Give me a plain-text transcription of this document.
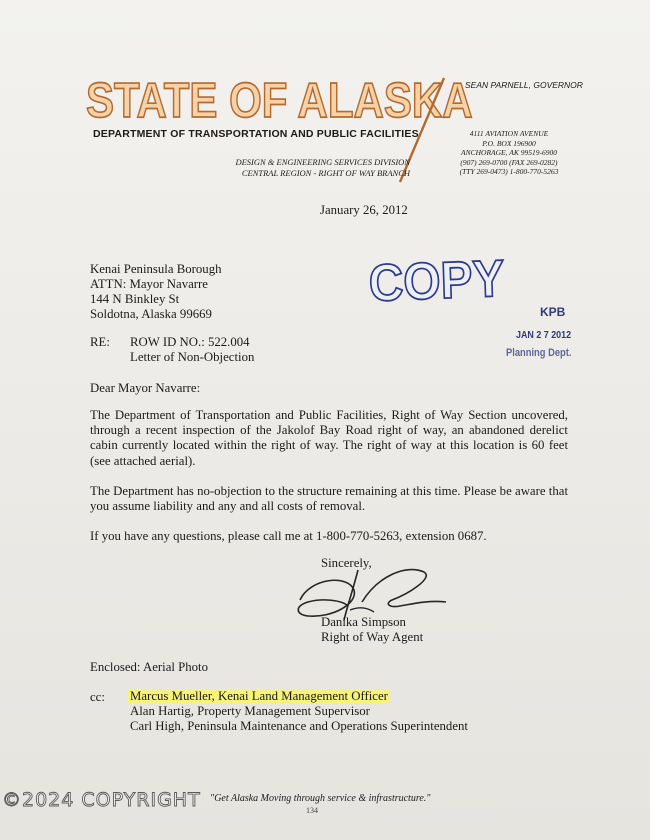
STATE OF ALASKA
SEAN PARNELL, GOVERNOR
DEPARTMENT OF TRANSPORTATION AND PUBLIC FACILITIES
DESIGN & ENGINEERING SERVICES DIVISION
CENTRAL REGION - RIGHT OF WAY BRANCH
4111 AVIATION AVENUE
P.O. BOX 196900
ANCHORAGE, AK 99519-6900
(907) 269-0700 (FAX 269-0282)
(TTY 269-0473) 1-800-770-5263
January 26, 2012
Kenai Peninsula Borough
ATTN: Mayor Navarre
144 N Binkley St
Soldotna, Alaska 99669
COPY	KPB
JAN 2 7 2012
Planning Dept.
RE: ROW ID NO.: 522.004
Letter of Non-Objection
Dear Mayor Navarre:
The Department of Transportation and Public Facilities, Right of Way Section uncovered, through a recent inspection of the Jakolof Bay Road right of way, an abandoned derelict cabin currently located within the right of way. The right of way at this location is 60 feet (see attached aerial).
The Department has no-objection to the structure remaining at this time. Please be aware that you assume liability and any and all costs of removal.
If you have any questions, please call me at 1-800-770-5263, extension 0687.
Sincerely,
Danika Simpson
Right of Way Agent
Enclosed: Aerial Photo
cc: Marcus Mueller, Kenai Land Management Officer
Alan Hartig, Property Management Supervisor
Carl High, Peninsula Maintenance and Operations Superintendent
©2024 COPYRIGHT "Get Alaska Moving through service & infrastructure."
134
